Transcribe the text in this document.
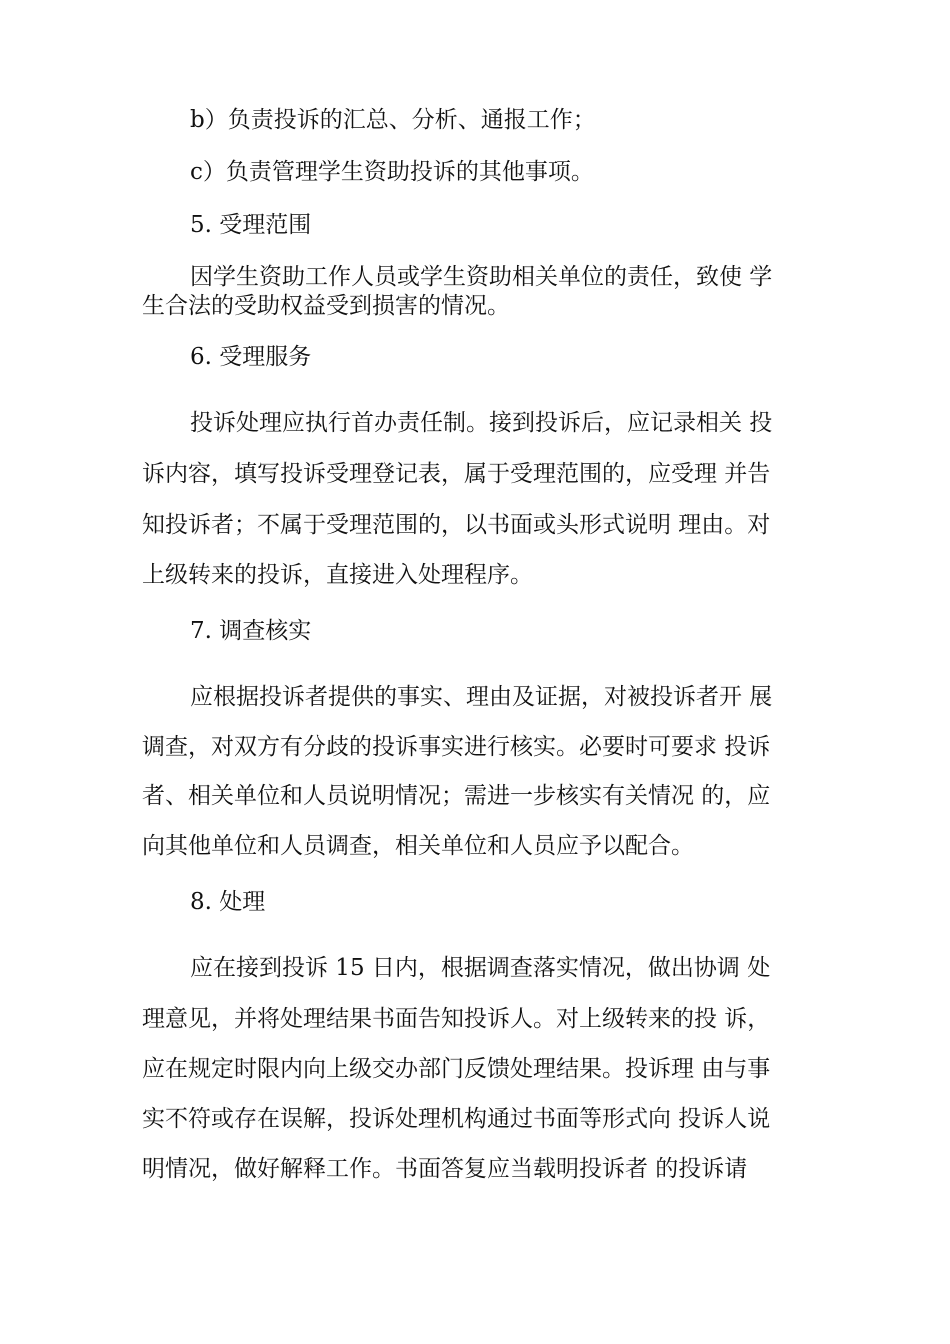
b）负责投诉的汇总、分析、通报工作；
c）负责管理学生资助投诉的其他事项。
5. 受理范围
因学生资助工作人员或学生资助相关单位的责任，致使 学
生合法的受助权益受到损害的情况。
6. 受理服务
投诉处理应执行首办责任制。接到投诉后，应记录相关 投
诉内容，填写投诉受理登记表，属于受理范围的，应受理 并告
知投诉者；不属于受理范围的，以书面或头形式说明 理由。对
上级转来的投诉，直接进入处理程序。
7. 调查核实
应根据投诉者提供的事实、理由及证据，对被投诉者开 展
调查，对双方有分歧的投诉事实进行核实。必要时可要求 投诉
者、相关单位和人员说明情况；需进一步核实有关情况 的，应
向其他单位和人员调查，相关单位和人员应予以配合。
8. 处理
应在接到投诉 15 日内，根据调查落实情况，做出协调 处
理意见，并将处理结果书面告知投诉人。对上级转来的投 诉，
应在规定时限内向上级交办部门反馈处理结果。投诉理 由与事
实不符或存在误解，投诉处理机构通过书面等形式向 投诉人说
明情况，做好解释工作。书面答复应当载明投诉者 的投诉请
